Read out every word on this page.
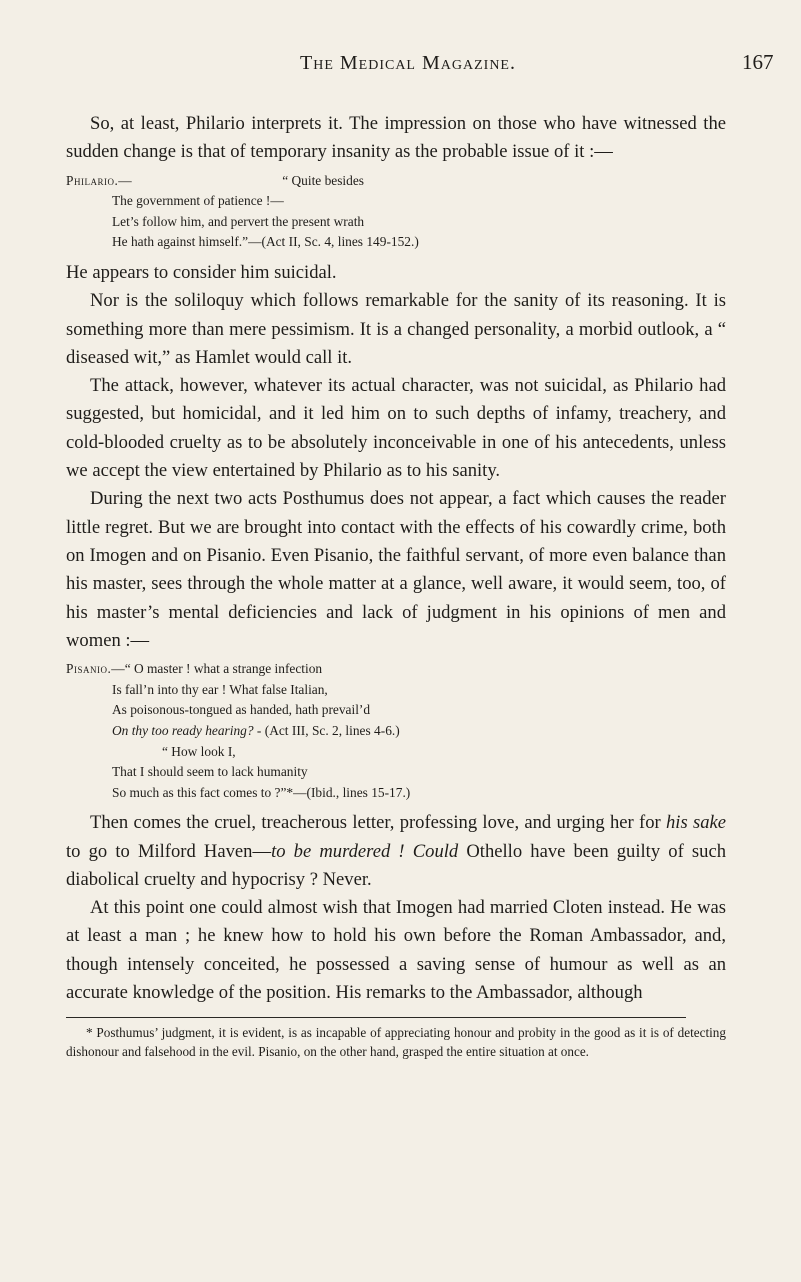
The Medical Magazine.	167

So, at least, Philario interprets it. The impression on those who have witnessed the sudden change is that of temporary insanity as the probable issue of it :—

Philario.—	“ Quite besides
The government of patience !—
Let’s follow him, and pervert the present wrath
He hath against himself.”—(Act II, Sc. 4, lines 149-152.)

He appears to consider him suicidal.

Nor is the soliloquy which follows remarkable for the sanity of its reasoning. It is something more than mere pessimism. It is a changed personality, a morbid outlook, a “ diseased wit,” as Hamlet would call it.

The attack, however, whatever its actual character, was not suicidal, as Philario had suggested, but homicidal, and it led him on to such depths of infamy, treachery, and cold-blooded cruelty as to be absolutely inconceivable in one of his antecedents, unless we accept the view entertained by Philario as to his sanity.

During the next two acts Posthumus does not appear, a fact which causes the reader little regret. But we are brought into contact with the effects of his cowardly crime, both on Imogen and on Pisanio. Even Pisanio, the faithful servant, of more even balance than his master, sees through the whole matter at a glance, well aware, it would seem, too, of his master’s mental deficiencies and lack of judgment in his opinions of men and women :—

Pisanio.—“ O master ! what a strange infection
Is fall’n into thy ear ! What false Italian,
As poisonous-tongued as handed, hath prevail’d
On thy too ready hearing? - (Act III, Sc. 2, lines 4-6.)
“ How look I,
That I should seem to lack humanity
So much as this fact comes to ?”*—(Ibid., lines 15-17.)

Then comes the cruel, treacherous letter, professing love, and urging her for his sake to go to Milford Haven—to be murdered ! Could Othello have been guilty of such diabolical cruelty and hypocrisy ? Never.

At this point one could almost wish that Imogen had married Cloten instead. He was at least a man ; he knew how to hold his own before the Roman Ambassador, and, though intensely conceited, he possessed a saving sense of humour as well as an accurate knowledge of the position. His remarks to the Ambassador, although

* Posthumus’ judgment, it is evident, is as incapable of appreciating honour and probity in the good as it is of detecting dishonour and falsehood in the evil. Pisanio, on the other hand, grasped the entire situation at once.
